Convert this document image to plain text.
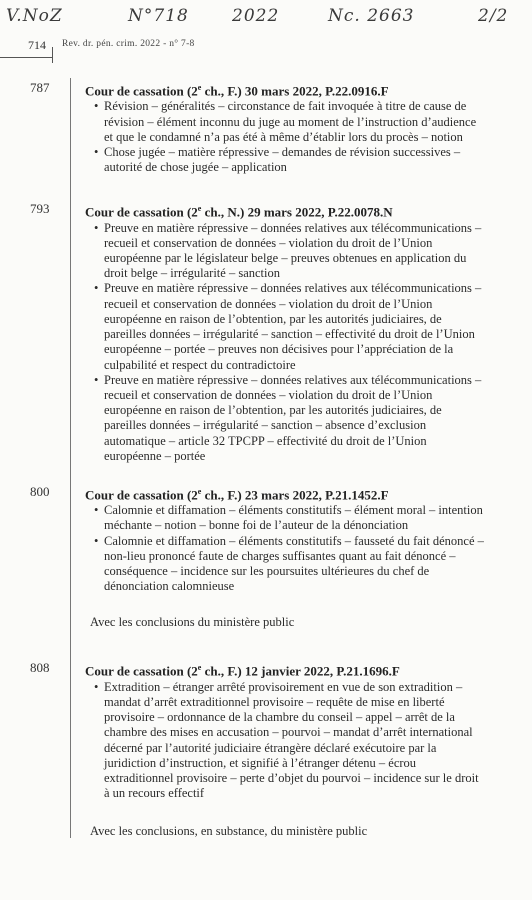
V.NoZ	N°718	2022	Nc. 2663	2/2
714 Rev. dr. pén. crim. 2022 - n° 7-8
787	Cour de cassation (2e ch., F.) 30 mars 2022, P.22.0916.F
• Révision – généralités – circonstance de fait invoquée à titre de cause de révision – élément inconnu du juge au moment de l’instruction d’audience et que le condamné n’a pas été à même d’établir lors du procès – notion
• Chose jugée – matière répressive – demandes de révision successives – autorité de chose jugée – application
793	Cour de cassation (2e ch., N.) 29 mars 2022, P.22.0078.N
• Preuve en matière répressive – données relatives aux télécommunications – recueil et conservation de données – violation du droit de l’Union européenne par le législateur belge – preuves obtenues en application du droit belge – irrégularité – sanction
• Preuve en matière répressive – données relatives aux télécommunications – recueil et conservation de données – violation du droit de l’Union européenne en raison de l’obtention, par les autorités judiciaires, de pareilles données – irrégularité – sanction – effectivité du droit de l’Union européenne – portée – preuves non décisives pour l’appréciation de la culpabilité et respect du contradictoire
• Preuve en matière répressive – données relatives aux télécommunications – recueil et conservation de données – violation du droit de l’Union européenne en raison de l’obtention, par les autorités judiciaires, de pareilles données – irrégularité – sanction – absence d’exclusion automatique – article 32 TPCPP – effectivité du droit de l’Union européenne – portée
800	Cour de cassation (2e ch., F.) 23 mars 2022, P.21.1452.F
• Calomnie et diffamation – éléments constitutifs – élément moral – intention méchante – notion – bonne foi de l’auteur de la dénonciation
• Calomnie et diffamation – éléments constitutifs – fausseté du fait dénoncé – non-lieu prononcé faute de charges suffisantes quant au fait dénoncé – conséquence – incidence sur les poursuites ultérieures du chef de dénonciation calomnieuse
Avec les conclusions du ministère public
808	Cour de cassation (2e ch., F.) 12 janvier 2022, P.21.1696.F
• Extradition – étranger arrêté provisoirement en vue de son extradition – mandat d’arrêt extraditionnel provisoire – requête de mise en liberté provisoire – ordonnance de la chambre du conseil – appel – arrêt de la chambre des mises en accusation – pourvoi – mandat d’arrêt international décerné par l’autorité judiciaire étrangère déclaré exécutoire par la juridiction d’instruction, et signifié à l’étranger détenu – écrou extraditionnel provisoire – perte d’objet du pourvoi – incidence sur le droit à un recours effectif
Avec les conclusions, en substance, du ministère public
